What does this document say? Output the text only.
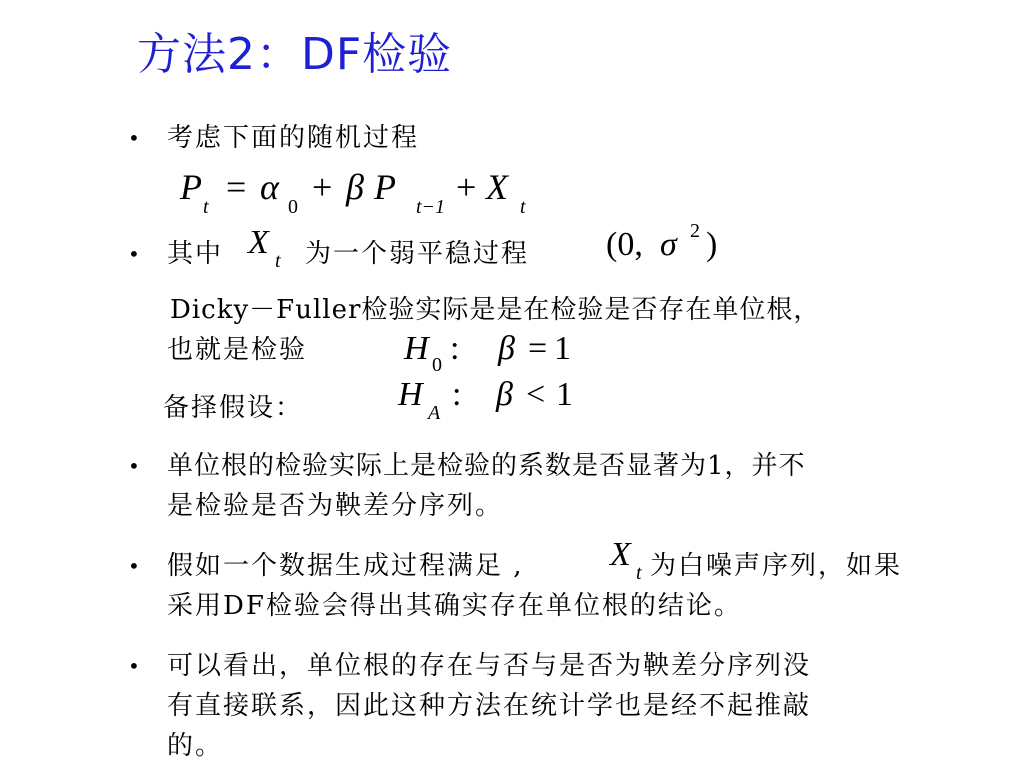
方法2：DF检验
• 考虑下面的随机过程
P t = α 0 + β P t−1 + X t
• 其中 X t 为一个弱平稳过程 (0, σ 2 )
Dicky－Fuller检验实际是是在检验是否存在单位根，
也就是检验	H 0 : β = 1
备择假设：	H A : β < 1
• 单位根的检验实际上是检验的系数是否显著为1，并不
是检验是否为鞅差分序列。
• 假如一个数据生成过程满足 ,	X t 为白噪声序列，如果
采用DF检验会得出其确实存在单位根的结论。
• 可以看出，单位根的存在与否与是否为鞅差分序列没
有直接联系，因此这种方法在统计学也是经不起推敲
的。
